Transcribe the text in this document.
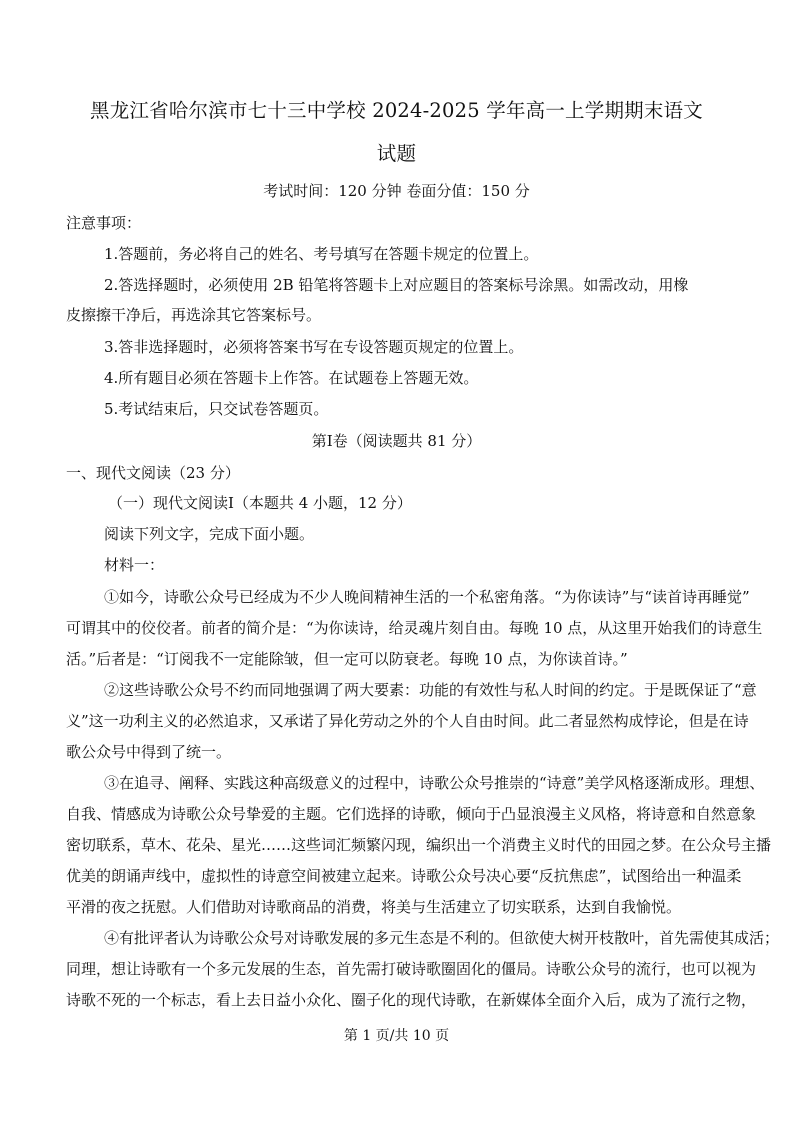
黑龙江省哈尔滨市七十三中学校 2024-2025 学年高一上学期期末语文
试题
考试时间：120 分钟 卷面分值：150 分
注意事项：
1.答题前，务必将自己的姓名、考号填写在答题卡规定的位置上。
2.答选择题时，必须使用 2B 铅笔将答题卡上对应题目的答案标号涂黑。如需改动，用橡
皮擦擦干净后，再选涂其它答案标号。
3.答非选择题时，必须将答案书写在专设答题页规定的位置上。
4.所有题目必须在答题卡上作答。在试题卷上答题无效。
5.考试结束后，只交试卷答题页。
第Ⅰ卷（阅读题共 81 分）
一、现代文阅读（23 分）
（一）现代文阅读Ⅰ（本题共 4 小题，12 分）
阅读下列文字，完成下面小题。
材料一：
①如今，诗歌公众号已经成为不少人晚间精神生活的一个私密角落。“为你读诗”与“读首诗再睡觉”
可谓其中的佼佼者。前者的简介是：“为你读诗，给灵魂片刻自由。每晚 10 点，从这里开始我们的诗意生
活。”后者是：“订阅我不一定能除皱，但一定可以防衰老。每晚 10 点，为你读首诗。”
②这些诗歌公众号不约而同地强调了两大要素：功能的有效性与私人时间的约定。于是既保证了“意
义”这一功利主义的必然追求，又承诺了异化劳动之外的个人自由时间。此二者显然构成悖论，但是在诗
歌公众号中得到了统一。
③在追寻、阐释、实践这种高级意义的过程中，诗歌公众号推崇的“诗意”美学风格逐渐成形。理想、
自我、情感成为诗歌公众号挚爱的主题。它们选择的诗歌，倾向于凸显浪漫主义风格，将诗意和自然意象
密切联系，草木、花朵、星光……这些词汇频繁闪现，编织出一个消费主义时代的田园之梦。在公众号主播
优美的朗诵声线中，虚拟性的诗意空间被建立起来。诗歌公众号决心要“反抗焦虑”，试图给出一种温柔
平滑的夜之抚慰。人们借助对诗歌商品的消费，将美与生活建立了切实联系，达到自我愉悦。
④有批评者认为诗歌公众号对诗歌发展的多元生态是不利的。但欲使大树开枝散叶，首先需使其成活；
同理，想让诗歌有一个多元发展的生态，首先需打破诗歌圈固化的僵局。诗歌公众号的流行，也可以视为
诗歌不死的一个标志，看上去日益小众化、圈子化的现代诗歌，在新媒体全面介入后，成为了流行之物，
第 1 页/共 10 页
